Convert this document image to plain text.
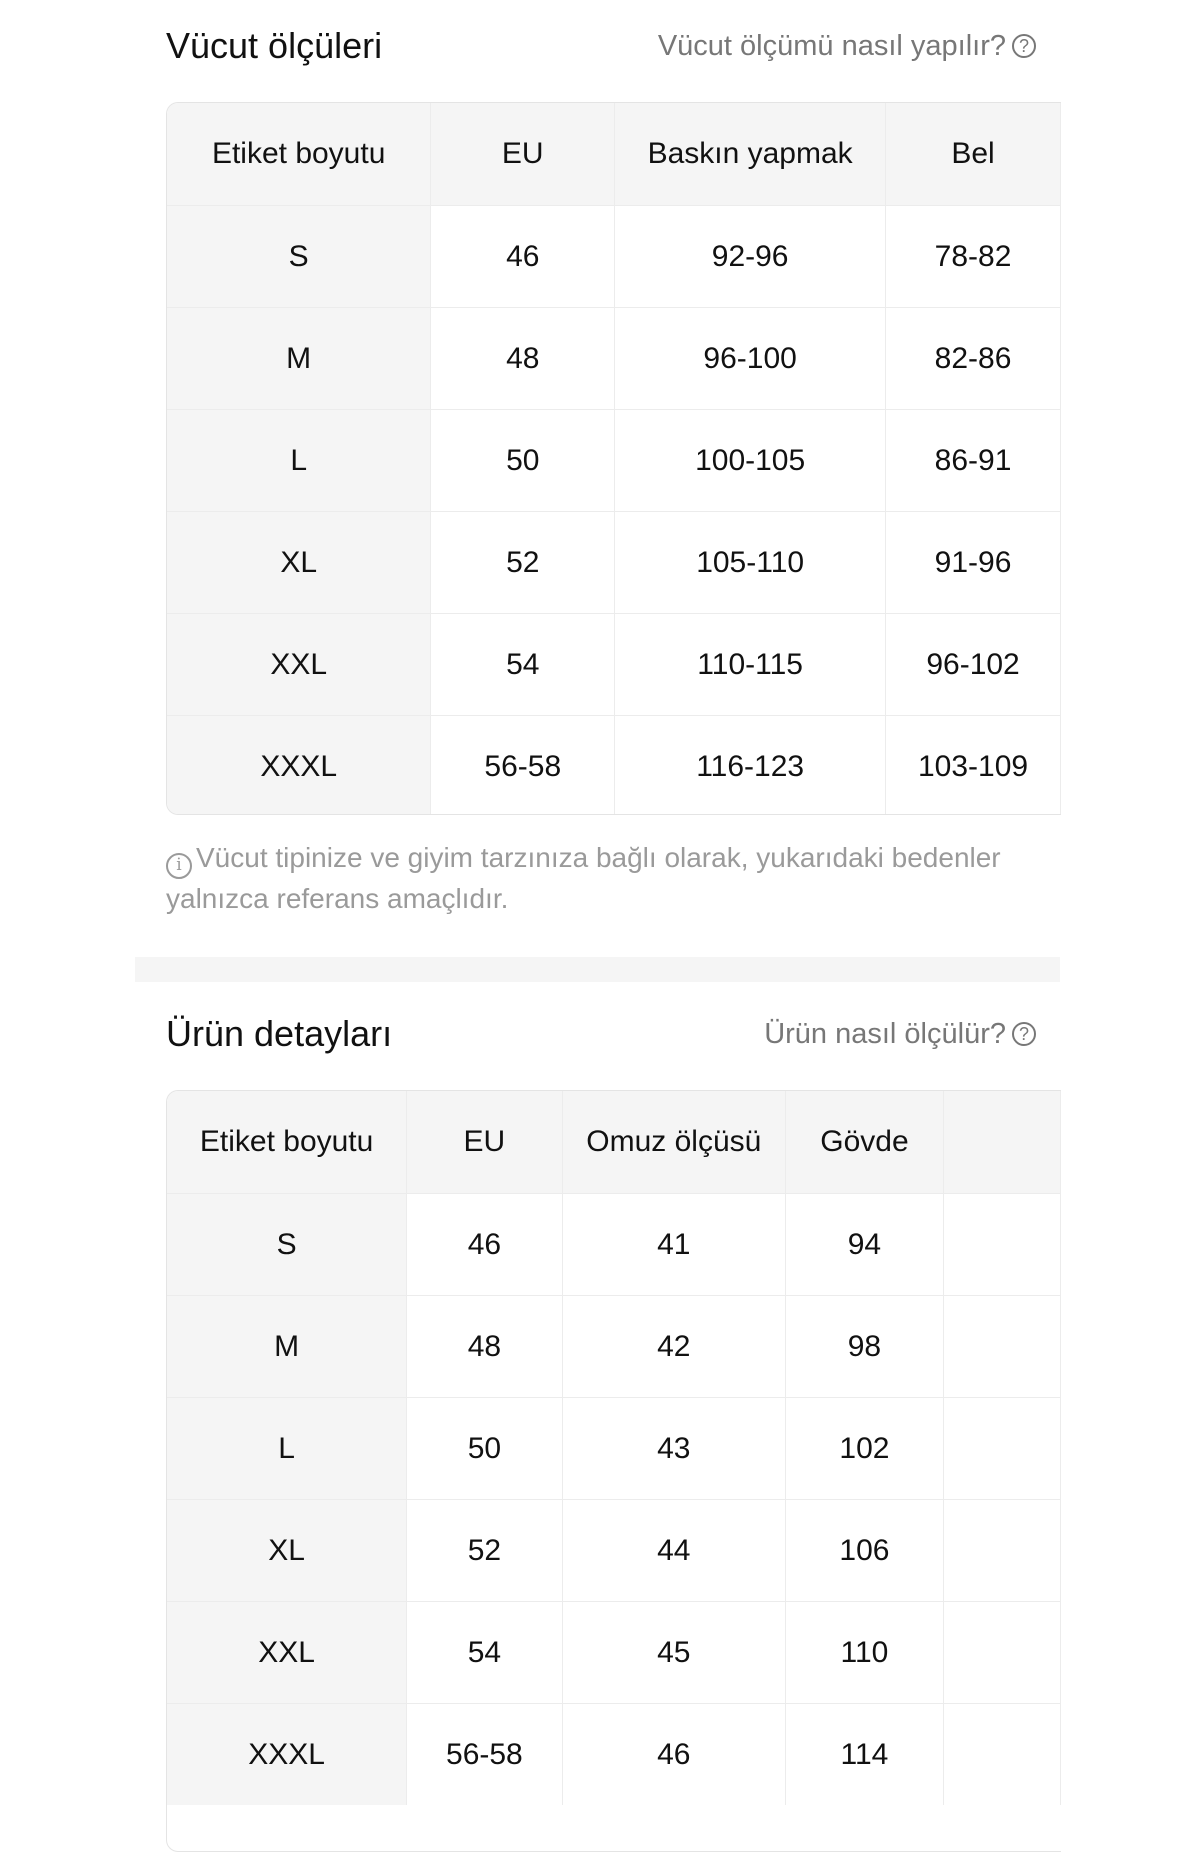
Vücut ölçüleri	Vücut ölçümü nasıl yapılır? ?
Etiket boyutu	EU	Baskın yapmak	Bel
S	46	92-96	78-82
M	48	96-100	82-86
L	50	100-105	86-91
XL	52	105-110	91-96
XXL	54	110-115	96-102
XXXL	56-58	116-123	103-109
i Vücut tipinize ve giyim tarzınıza bağlı olarak, yukarıdaki bedenler yalnızca referans amaçlıdır.
Ürün detayları	Ürün nasıl ölçülür? ?
Etiket boyutu	EU	Omuz ölçüsü	Gövde	
S	46	41	94	
M	48	42	98	
L	50	43	102	
XL	52	44	106	
XXL	54	45	110	
XXXL	56-58	46	114	
